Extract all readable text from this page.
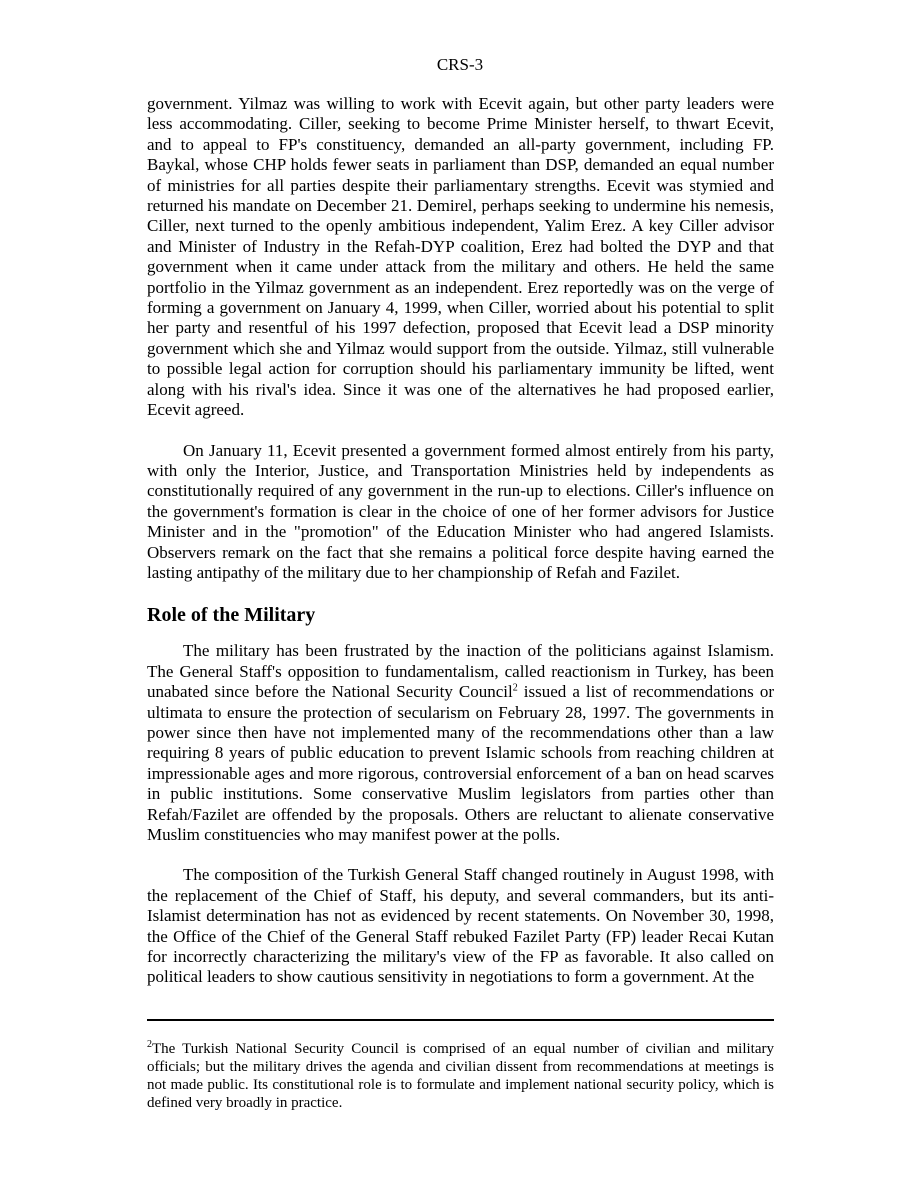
CRS-3

government. Yilmaz was willing to work with Ecevit again, but other party leaders were less accommodating. Ciller, seeking to become Prime Minister herself, to thwart Ecevit, and to appeal to FP's constituency, demanded an all-party government, including FP. Baykal, whose CHP holds fewer seats in parliament than DSP, demanded an equal number of ministries for all parties despite their parliamentary strengths. Ecevit was stymied and returned his mandate on December 21. Demirel, perhaps seeking to undermine his nemesis, Ciller, next turned to the openly ambitious independent, Yalim Erez. A key Ciller advisor and Minister of Industry in the Refah-DYP coalition, Erez had bolted the DYP and that government when it came under attack from the military and others. He held the same portfolio in the Yilmaz government as an independent. Erez reportedly was on the verge of forming a government on January 4, 1999, when Ciller, worried about his potential to split her party and resentful of his 1997 defection, proposed that Ecevit lead a DSP minority government which she and Yilmaz would support from the outside. Yilmaz, still vulnerable to possible legal action for corruption should his parliamentary immunity be lifted, went along with his rival's idea. Since it was one of the alternatives he had proposed earlier, Ecevit agreed.

On January 11, Ecevit presented a government formed almost entirely from his party, with only the Interior, Justice, and Transportation Ministries held by independents as constitutionally required of any government in the run-up to elections. Ciller's influence on the government's formation is clear in the choice of one of her former advisors for Justice Minister and in the "promotion" of the Education Minister who had angered Islamists. Observers remark on the fact that she remains a political force despite having earned the lasting antipathy of the military due to her championship of Refah and Fazilet.

Role of the Military

The military has been frustrated by the inaction of the politicians against Islamism. The General Staff's opposition to fundamentalism, called reactionism in Turkey, has been unabated since before the National Security Council$^2$ issued a list of recommendations or ultimata to ensure the protection of secularism on February 28, 1997. The governments in power since then have not implemented many of the recommendations other than a law requiring 8 years of public education to prevent Islamic schools from reaching children at impressionable ages and more rigorous, controversial enforcement of a ban on head scarves in public institutions. Some conservative Muslim legislators from parties other than Refah/Fazilet are offended by the proposals. Others are reluctant to alienate conservative Muslim constituencies who may manifest power at the polls.

The composition of the Turkish General Staff changed routinely in August 1998, with the replacement of the Chief of Staff, his deputy, and several commanders, but its anti-Islamist determination has not as evidenced by recent statements. On November 30, 1998, the Office of the Chief of the General Staff rebuked Fazilet Party (FP) leader Recai Kutan for incorrectly characterizing the military's view of the FP as favorable. It also called on political leaders to show cautious sensitivity in negotiations to form a government. At the

$^2$The Turkish National Security Council is comprised of an equal number of civilian and military officials; but the military drives the agenda and civilian dissent from recommendations at meetings is not made public. Its constitutional role is to formulate and implement national security policy, which is defined very broadly in practice.
